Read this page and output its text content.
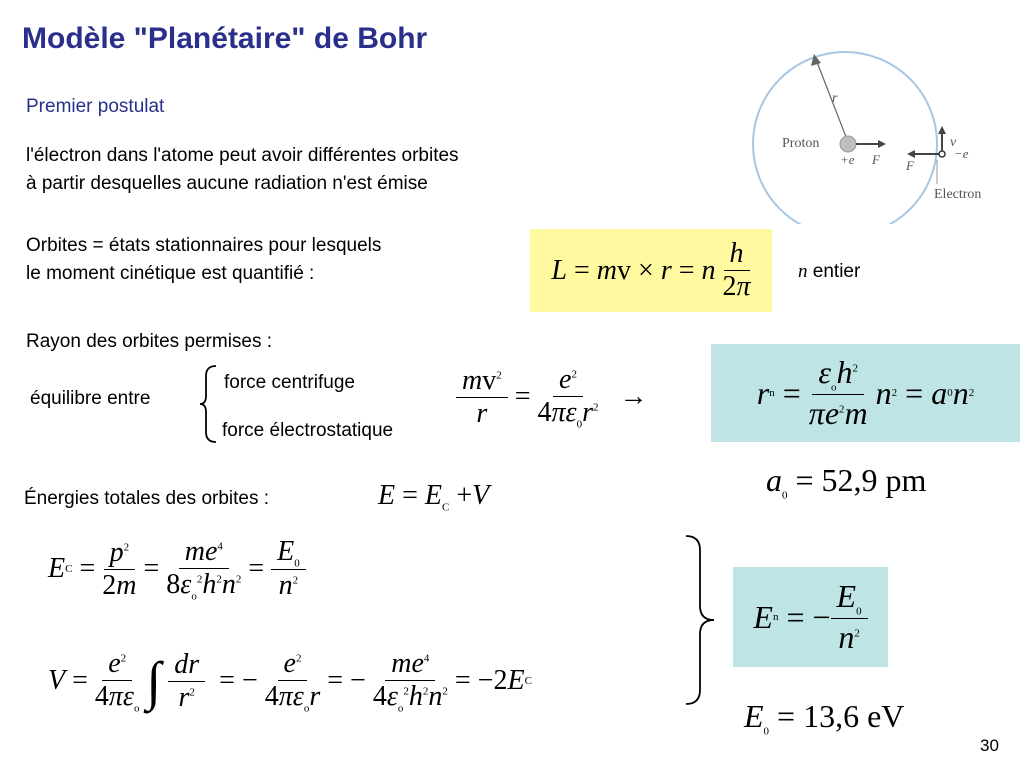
Modèle "Planétaire" de Bohr
Premier postulat
l'électron dans l'atome peut avoir différentes orbites
à partir desquelles aucune radiation n'est émise
r
Proton
+e F
v
−e
F
Electron
Orbites = états stationnaires pour lesquels
le moment cinétique est quantifié :	L = m v × r = n
$\frac{h}{2\pi}$ n entier
Rayon des orbites permises :
équilibre entre
force centrifuge
force électrostatique
$\frac{mv^2}{r} = \frac{e^2}{4\pi\varepsilon_0r^2}$ →	r $n = \frac{\varepsilon_oh^2}{\pi e^2m}$
n 2 = a 0 n 2
$a_0 = 52,9$ pm
Énergies totales des orbites :	$E = E_C +V$
E $C = \frac{p^2}{2m} = \frac{me^4}{8\varepsilon_o^2h^2n^2} = \frac{E_0}{n^2}$
$V = \frac{e^2}{4\pi\varepsilon_o}$
∫
$\frac{dr}{r^2}$ = − $\frac{e^2}{4\pi\varepsilon_or}$ = − $\frac{me^4}{4\varepsilon_o^2h^2n^2} = -2$ E C
E n = − $\frac{E_0}{n^2}$
$E_0 = 13,6$ eV
30
